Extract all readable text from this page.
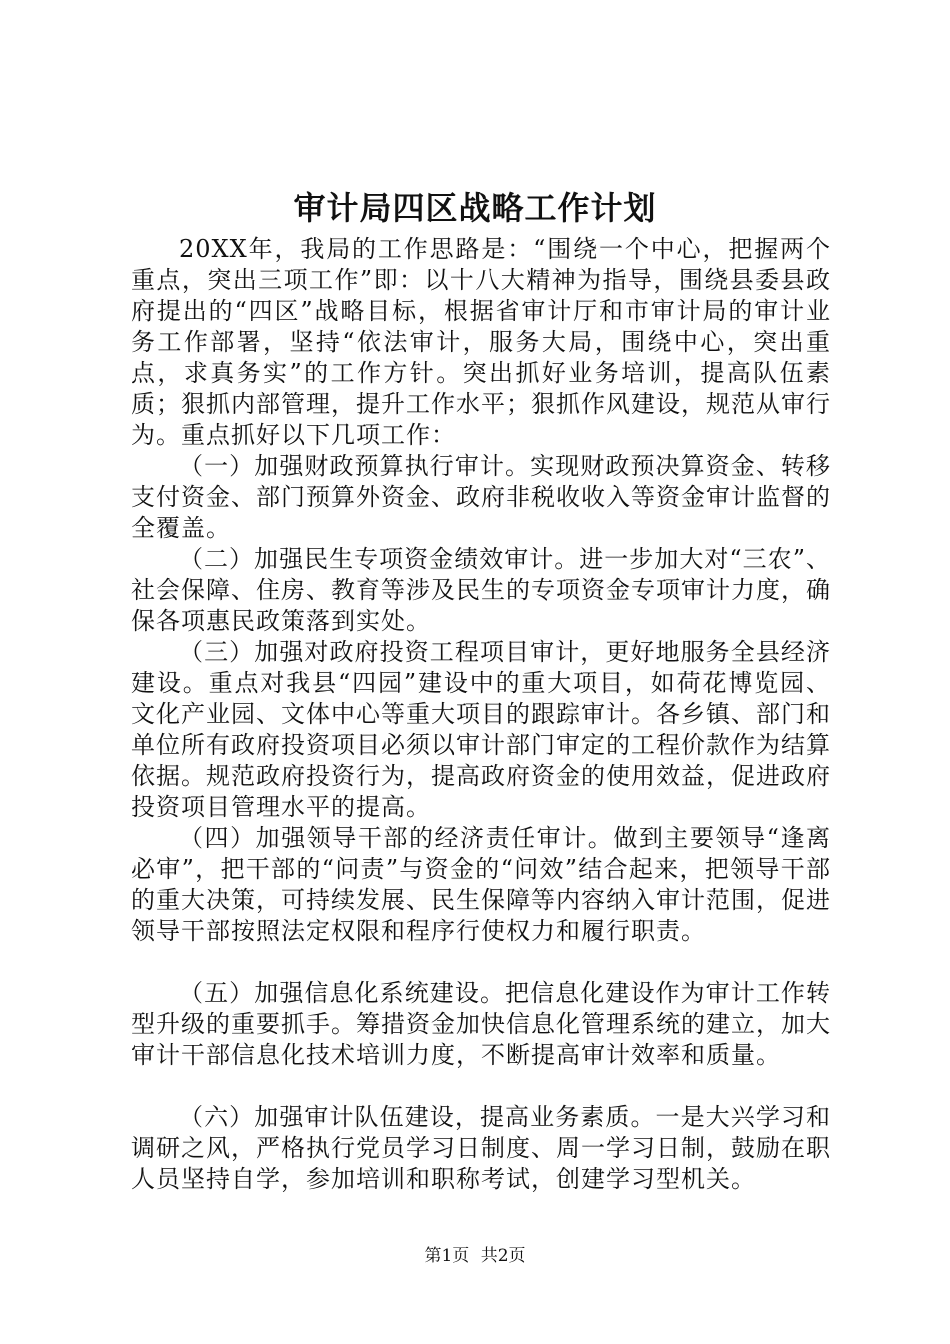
审计局四区战略工作计划

20XX年，我局的工作思路是：“围绕一个中心，把握两个重点，突出三项工作”即：以十八大精神为指导，围绕县委县政府提出的“四区”战略目标，根据省审计厅和市审计局的审计业务工作部署，坚持“依法审计，服务大局，围绕中心，突出重点，求真务实”的工作方针。突出抓好业务培训，提高队伍素质；狠抓内部管理，提升工作水平；狠抓作风建设，规范从审行为。重点抓好以下几项工作：

（一）加强财政预算执行审计。实现财政预决算资金、转移支付资金、部门预算外资金、政府非税收收入等资金审计监督的全覆盖。

（二）加强民生专项资金绩效审计。进一步加大对“三农”、社会保障、住房、教育等涉及民生的专项资金专项审计力度，确保各项惠民政策落到实处。

（三）加强对政府投资工程项目审计，更好地服务全县经济建设。重点对我县“四园”建设中的重大项目，如荷花博览园、文化产业园、文体中心等重大项目的跟踪审计。各乡镇、部门和单位所有政府投资项目必须以审计部门审定的工程价款作为结算依据。规范政府投资行为，提高政府资金的使用效益，促进政府投资项目管理水平的提高。

（四）加强领导干部的经济责任审计。做到主要领导“逢离必审”，把干部的“问责”与资金的“问效”结合起来，把领导干部的重大决策，可持续发展、民生保障等内容纳入审计范围，促进领导干部按照法定权限和程序行使权力和履行职责。

（五）加强信息化系统建设。把信息化建设作为审计工作转型升级的重要抓手。筹措资金加快信息化管理系统的建立，加大审计干部信息化技术培训力度，不断提高审计效率和质量。

（六）加强审计队伍建设，提高业务素质。一是大兴学习和调研之风，严格执行党员学习日制度、周一学习日制，鼓励在职人员坚持自学，参加培训和职称考试，创建学习型机关。

第1页 共2页
